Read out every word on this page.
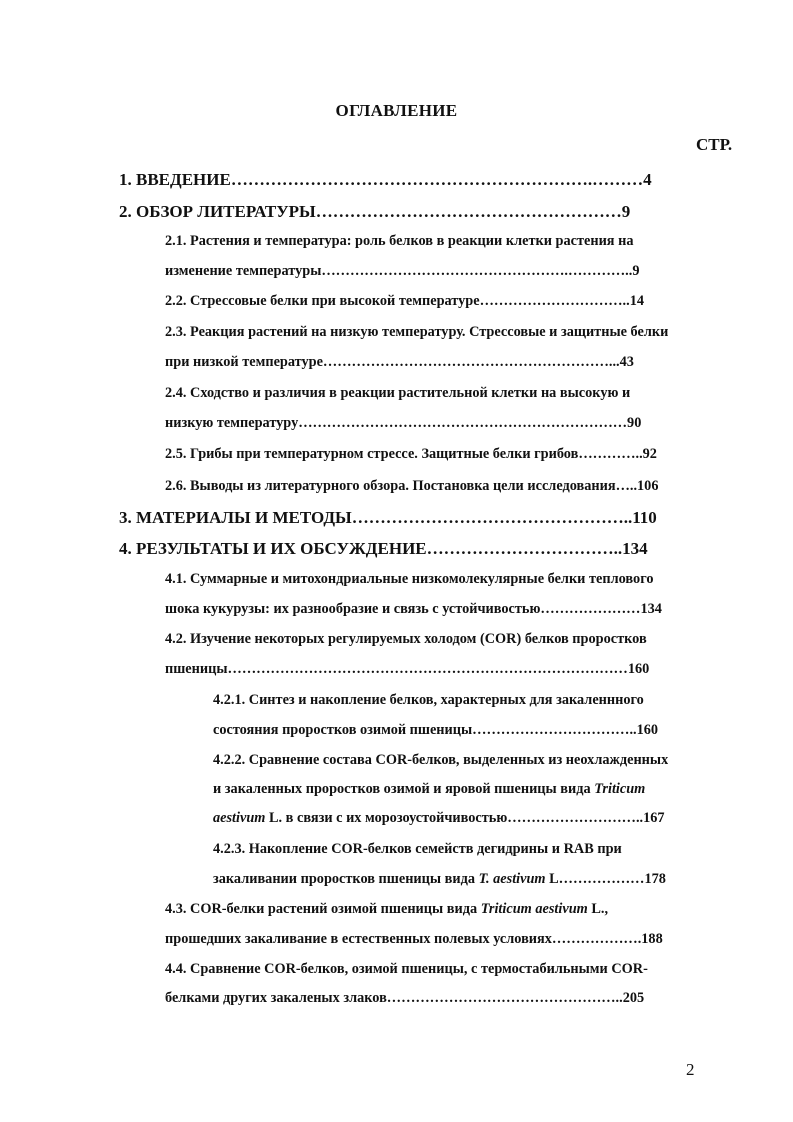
ОГЛАВЛЕНИЕ
СТР.
1. ВВЕДЕНИЕ……………………………………………………….………4
2. ОБЗОР ЛИТЕРАТУРЫ………………………………………………9
2.1. Растения и температура: роль белков в реакции клетки растения на
изменение температуры…………………………………………….…………..9
2.2. Стрессовые белки при высокой температуре…………………………..14
2.3. Реакция растений на низкую температуру. Стрессовые и защитные белки
при низкой температуре……………………………………………………...43
2.4. Сходство и различия в реакции растительной клетки на высокую и
низкую температуру……………………………………………………………90
2.5. Грибы при температурном стрессе. Защитные белки грибов…………..92
2.6. Выводы из литературного обзора. Постановка цели исследования…..106
3. МАТЕРИАЛЫ И МЕТОДЫ…………………………………………..110
4. РЕЗУЛЬТАТЫ И ИХ ОБСУЖДЕНИЕ……………………………..134
4.1. Суммарные и митохондриальные низкомолекулярные белки теплового
шока кукурузы: их разнообразие и связь с устойчивостью…………………134
4.2. Изучение некоторых регулируемых холодом (COR) белков проростков
пшеницы…………………………………………………………………………160
4.2.1. Синтез и накопление белков, характерных для закаленнного
состояния проростков озимой пшеницы……………………………..160
4.2.2. Сравнение состава COR-белков, выделенных из неохлажденных
и закаленных проростков озимой и яровой пшеницы вида Triticum
aestivum L. в связи с их морозоустойчивостью………………………..167
4.2.3. Накопление COR-белков семейств дегидрины и RAB при
закаливании проростков пшеницы вида T. aestivum L………………178
4.3. COR-белки растений озимой пшеницы вида Triticum aestivum L.,
прошедших закаливание в естественных полевых условиях……………….188
4.4. Сравнение COR-белков, озимой пшеницы, с термостабильными COR-
белками других закаленых злаков…………………………………………..205
2
